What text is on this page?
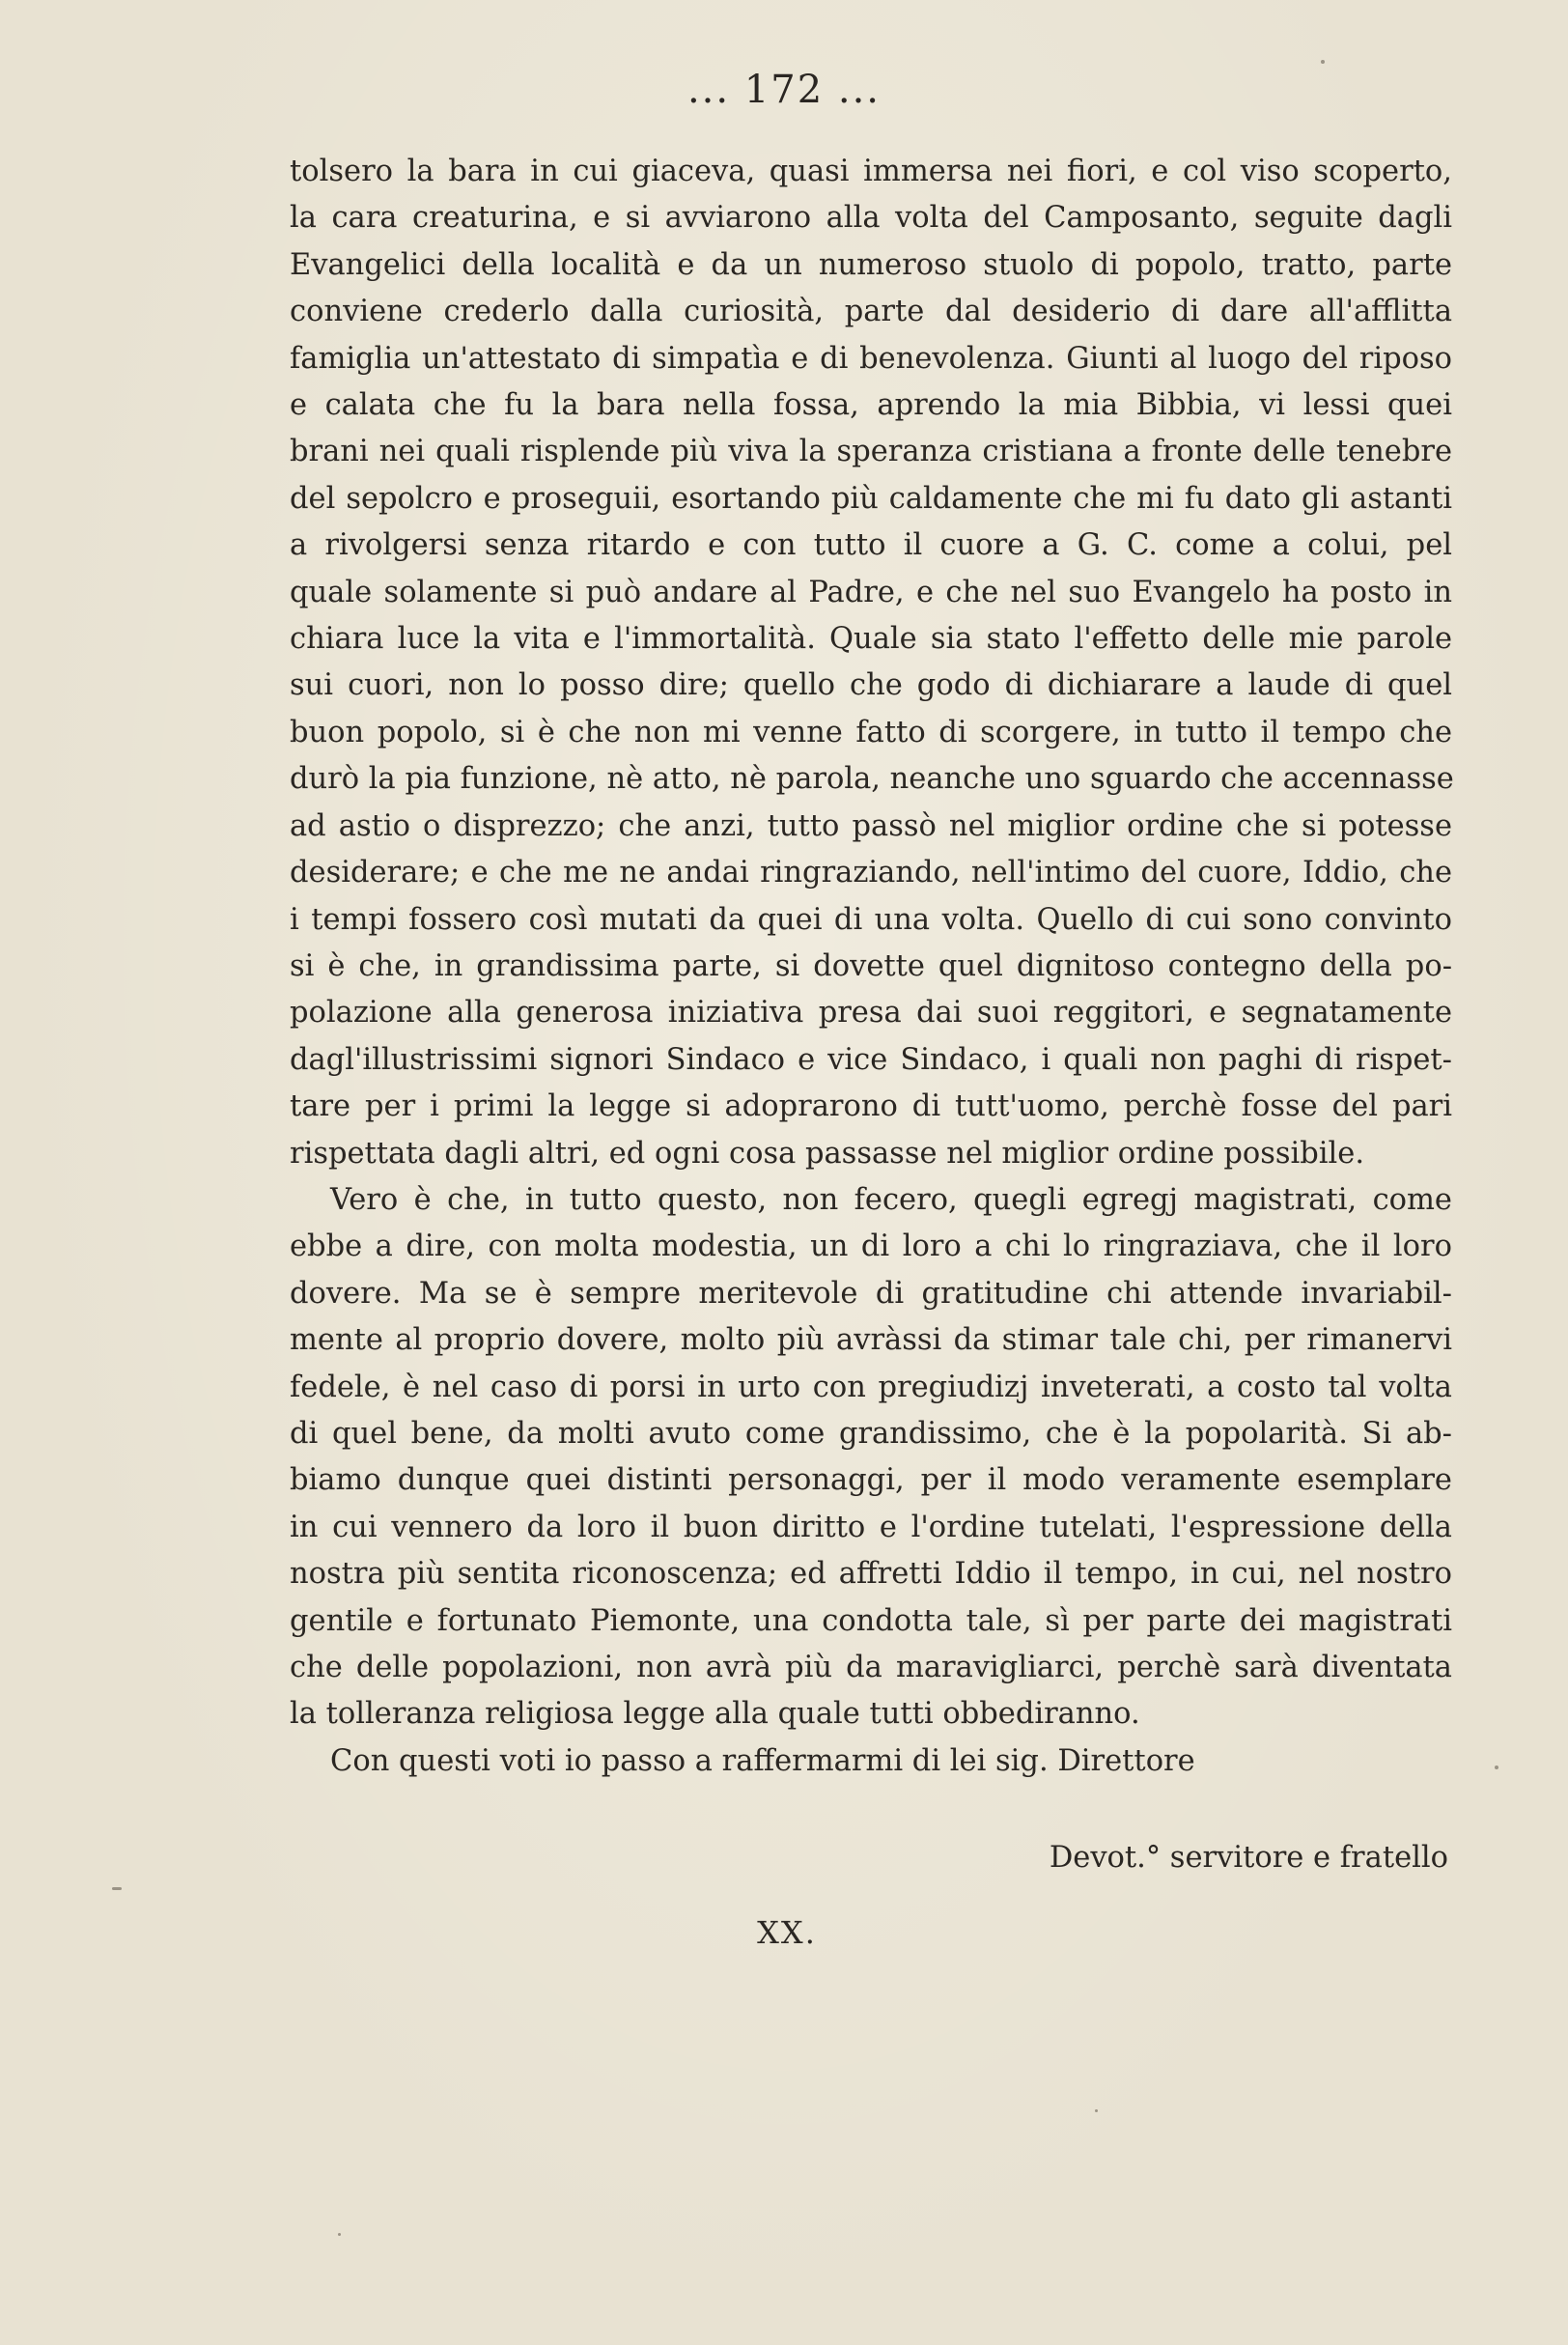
... 172 ...
tolsero la bara in cui giaceva, quasi immersa nei fiori, e col viso scoperto,
la cara creaturina, e si avviarono alla volta del Camposanto, seguite dagli
Evangelici della località e da un numeroso stuolo di popolo, tratto, parte
conviene crederlo dalla curiosità, parte dal desiderio di dare all'afflitta
famiglia un'attestato di simpatìa e di benevolenza. Giunti al luogo del riposo
e calata che fu la bara nella fossa, aprendo la mia Bibbia, vi lessi quei
brani nei quali risplende più viva la speranza cristiana a fronte delle tenebre
del sepolcro e proseguii, esortando più caldamente che mi fu dato gli astanti
a rivolgersi senza ritardo e con tutto il cuore a G. C. come a colui, pel
quale solamente si può andare al Padre, e che nel suo Evangelo ha posto in
chiara luce la vita e l'immortalità. Quale sia stato l'effetto delle mie parole
sui cuori, non lo posso dire; quello che godo di dichiarare a laude di quel
buon popolo, si è che non mi venne fatto di scorgere, in tutto il tempo che
durò la pia funzione, nè atto, nè parola, neanche uno sguardo che accennasse
ad astio o disprezzo; che anzi, tutto passò nel miglior ordine che si potesse
desiderare; e che me ne andai ringraziando, nell'intimo del cuore, Iddio, che
i tempi fossero così mutati da quei di una volta. Quello di cui sono convinto
si è che, in grandissima parte, si dovette quel dignitoso contegno della po-
polazione alla generosa iniziativa presa dai suoi reggitori, e segnatamente
dagl'illustrissimi signori Sindaco e vice Sindaco, i quali non paghi di rispet-
tare per i primi la legge si adoprarono di tutt'uomo, perchè fosse del pari
rispettata dagli altri, ed ogni cosa passasse nel miglior ordine possibile.
Vero è che, in tutto questo, non fecero, quegli egregj magistrati, come
ebbe a dire, con molta modestia, un di loro a chi lo ringraziava, che il loro
dovere. Ma se è sempre meritevole di gratitudine chi attende invariabil-
mente al proprio dovere, molto più avràssi da stimar tale chi, per rimanervi
fedele, è nel caso di porsi in urto con pregiudizj inveterati, a costo tal volta
di quel bene, da molti avuto come grandissimo, che è la popolarità. Si ab-
biamo dunque quei distinti personaggi, per il modo veramente esemplare
in cui vennero da loro il buon diritto e l'ordine tutelati, l'espressione della
nostra più sentita riconoscenza; ed affretti Iddio il tempo, in cui, nel nostro
gentile e fortunato Piemonte, una condotta tale, sì per parte dei magistrati
che delle popolazioni, non avrà più da maravigliarci, perchè sarà diventata
la tolleranza religiosa legge alla quale tutti obbediranno.
Con questi voti io passo a raffermarmi di lei sig. Direttore
Devot.° servitore e fratello
XX.
